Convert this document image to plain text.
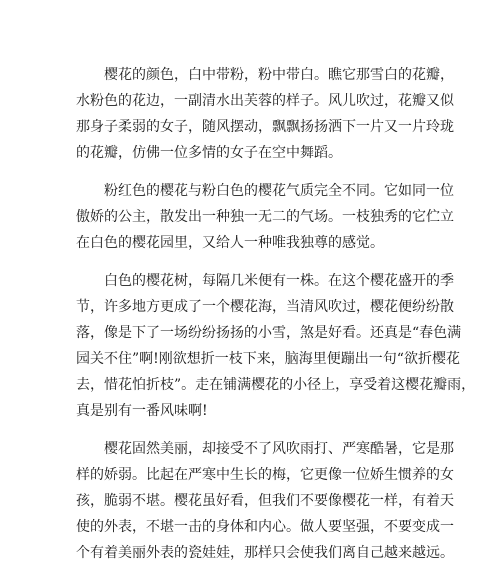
　　樱花的颜色，白中带粉，粉中带白。瞧它那雪白的花瓣，
水粉色的花边，一副清水出芙蓉的样子。风儿吹过，花瓣又似
那身子柔弱的女子，随风摆动，飘飘扬扬洒下一片又一片玲珑
的花瓣，仿佛一位多情的女子在空中舞蹈。

　　粉红色的樱花与粉白色的樱花气质完全不同。它如同一位
傲娇的公主，散发出一种独一无二的气场。一枝独秀的它伫立
在白色的樱花园里，又给人一种唯我独尊的感觉。

　　白色的樱花树，每隔几米便有一株。在这个樱花盛开的季
节，许多地方更成了一个樱花海，当清风吹过，樱花便纷纷散
落，像是下了一场纷纷扬扬的小雪，煞是好看。还真是“春色满
园关不住”啊!刚欲想折一枝下来，脑海里便蹦出一句“欲折樱花
去，惜花怕折枝”。走在铺满樱花的小径上，享受着这樱花瓣雨，
真是别有一番风味啊!

　　樱花固然美丽，却接受不了风吹雨打、严寒酷暑，它是那
样的娇弱。比起在严寒中生长的梅，它更像一位娇生惯养的女
孩，脆弱不堪。樱花虽好看，但我们不要像樱花一样，有着天
使的外表，不堪一击的身体和内心。做人要坚强，不要变成一
个有着美丽外表的瓷娃娃，那样只会使我们离自己越来越远。
